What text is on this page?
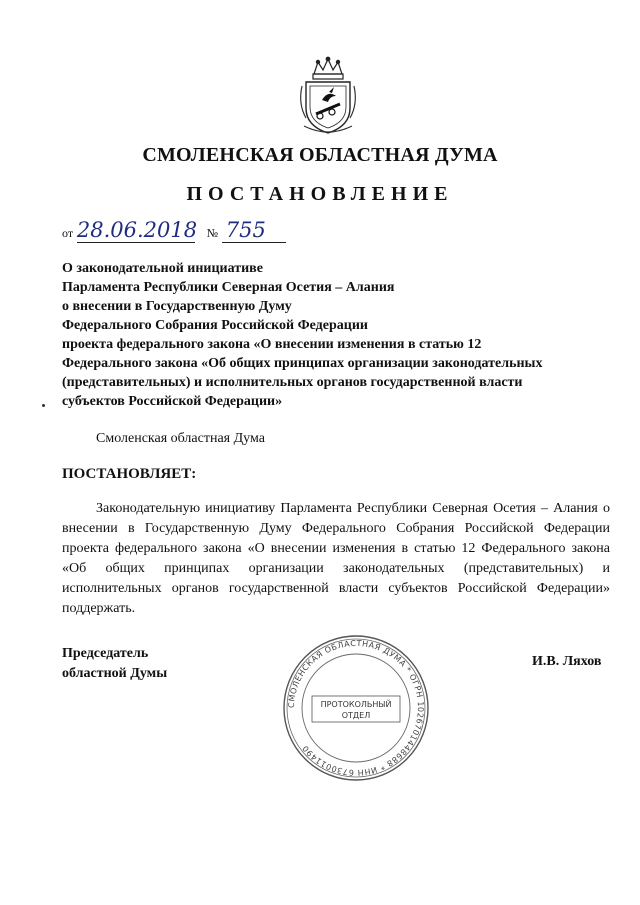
СМОЛЕНСКАЯ ОБЛАСТНАЯ ДУМА
ПОСТАНОВЛЕНИЕ
от 28.06.2018 № 755
О законодательной инициативе
Парламента Республики Северная Осетия – Алания
о внесении в Государственную Думу
Федерального Собрания Российской Федерации
проекта федерального закона «О внесении изменения в статью 12
Федерального закона «Об общих принципах организации законодательных
(представительных) и исполнительных органов государственной власти
субъектов Российской Федерации»
Смоленская областная Дума
ПОСТАНОВЛЯЕТ:
Законодательную инициативу Парламента Республики Северная Осетия – Алания о внесении в Государственную Думу Федерального Собрания Российской Федерации проекта федерального закона «О внесении изменения в статью 12 Федерального закона «Об общих принципах организации законодательных (представительных) и исполнительных органов государственной власти субъектов Российской Федерации» поддержать.
Председатель
областной Думы
И.В. Ляхов
СМОЛЕНСКАЯ ОБЛАСТНАЯ ДУМА * ОГРН 1026701448688 * ИНН 6730011490
ПРОТОКОЛЬНЫЙ
ОТДЕЛ
